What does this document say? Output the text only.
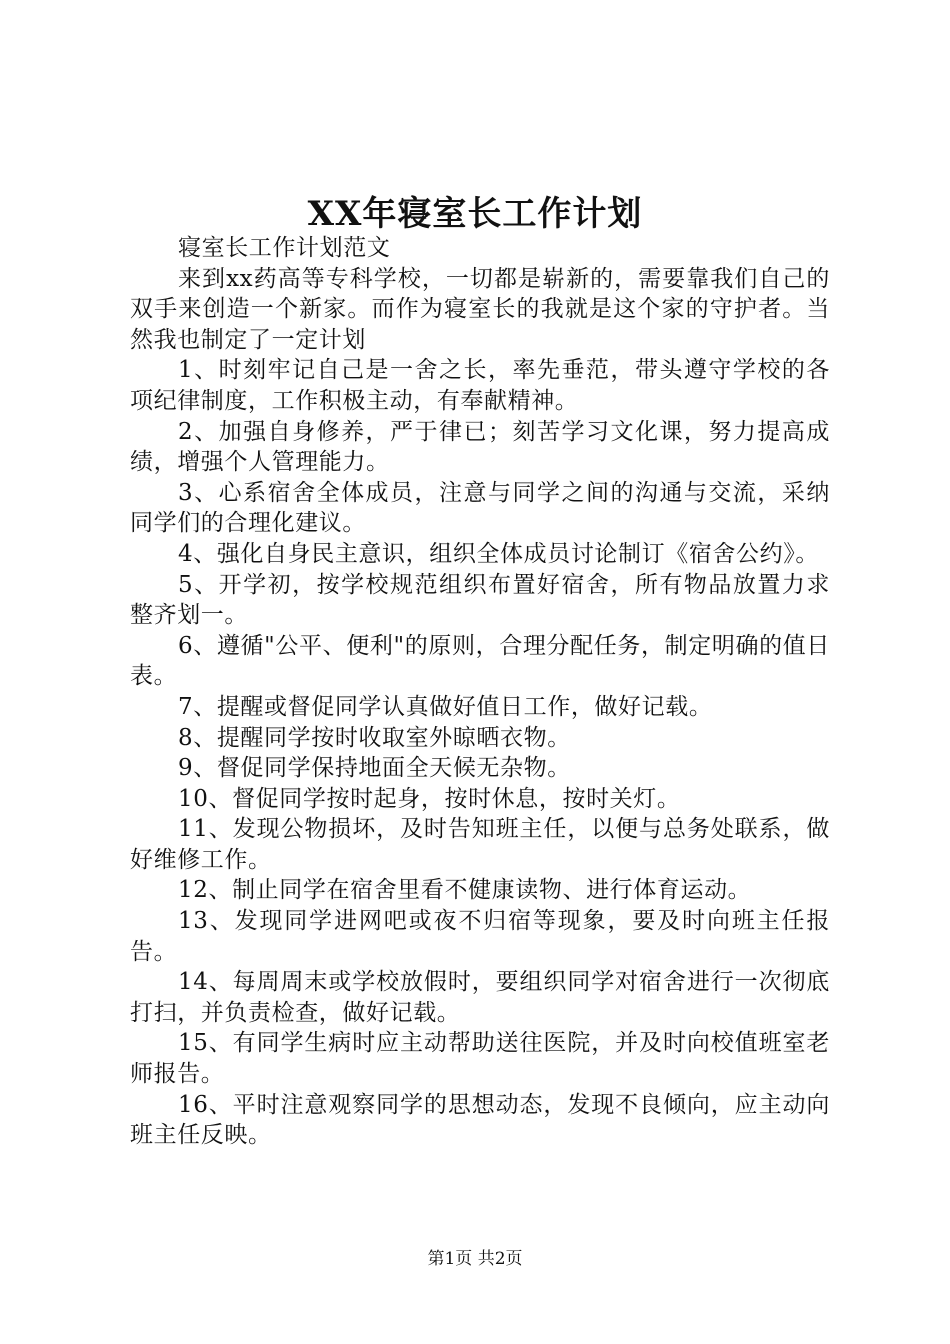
XX年寝室长工作计划

寝室长工作计划范文

来到xx药高等专科学校，一切都是崭新的，需要靠我们自己的双手来创造一个新家。而作为寝室长的我就是这个家的守护者。当然我也制定了一定计划

1、时刻牢记自己是一舍之长，率先垂范，带头遵守学校的各项纪律制度，工作积极主动，有奉献精神。

2、加强自身修养，严于律已；刻苦学习文化课，努力提高成绩，增强个人管理能力。

3、心系宿舍全体成员，注意与同学之间的沟通与交流，采纳同学们的合理化建议。

4、强化自身民主意识，组织全体成员讨论制订《宿舍公约》。

5、开学初，按学校规范组织布置好宿舍，所有物品放置力求整齐划一。

6、遵循"公平、便利"的原则，合理分配任务，制定明确的值日表。

7、提醒或督促同学认真做好值日工作，做好记载。

8、提醒同学按时收取室外晾晒衣物。

9、督促同学保持地面全天候无杂物。

10、督促同学按时起身，按时休息，按时关灯。

11、发现公物损坏，及时告知班主任，以便与总务处联系，做好维修工作。

12、制止同学在宿舍里看不健康读物、进行体育运动。

13、发现同学进网吧或夜不归宿等现象，要及时向班主任报告。

14、每周周末或学校放假时，要组织同学对宿舍进行一次彻底打扫，并负责检查，做好记载。

15、有同学生病时应主动帮助送往医院，并及时向校值班室老师报告。

16、平时注意观察同学的思想动态，发现不良倾向，应主动向班主任反映。

第1页 共2页
